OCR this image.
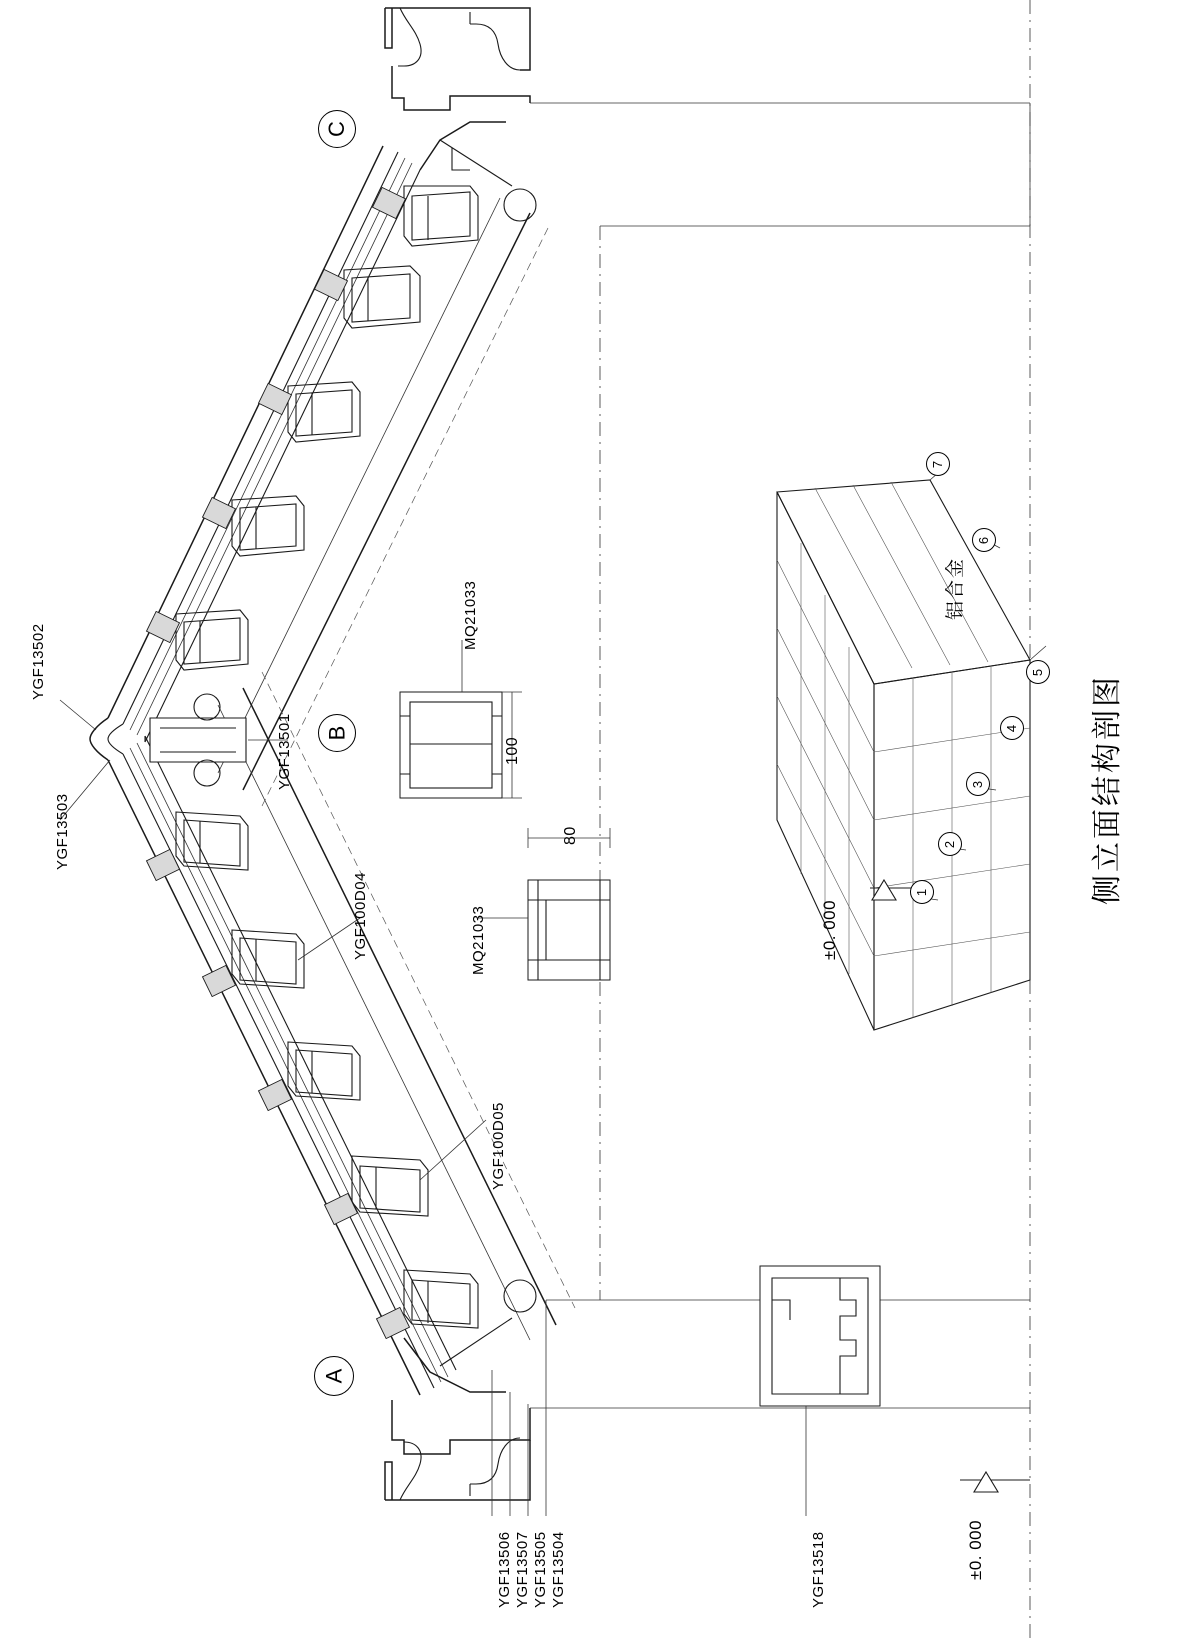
YGF13502
YGF13503
YGF13501
YGF100D04
YGF100D05
MQ21033
MQ21033
YGF13506 YGF13507 YGF13505 YGF13504	YGF13518
100
80
±0. 000
±0. 000
铝合金
侧立面结构剖图
C
B
A
1
2
3
4
5
6
7
